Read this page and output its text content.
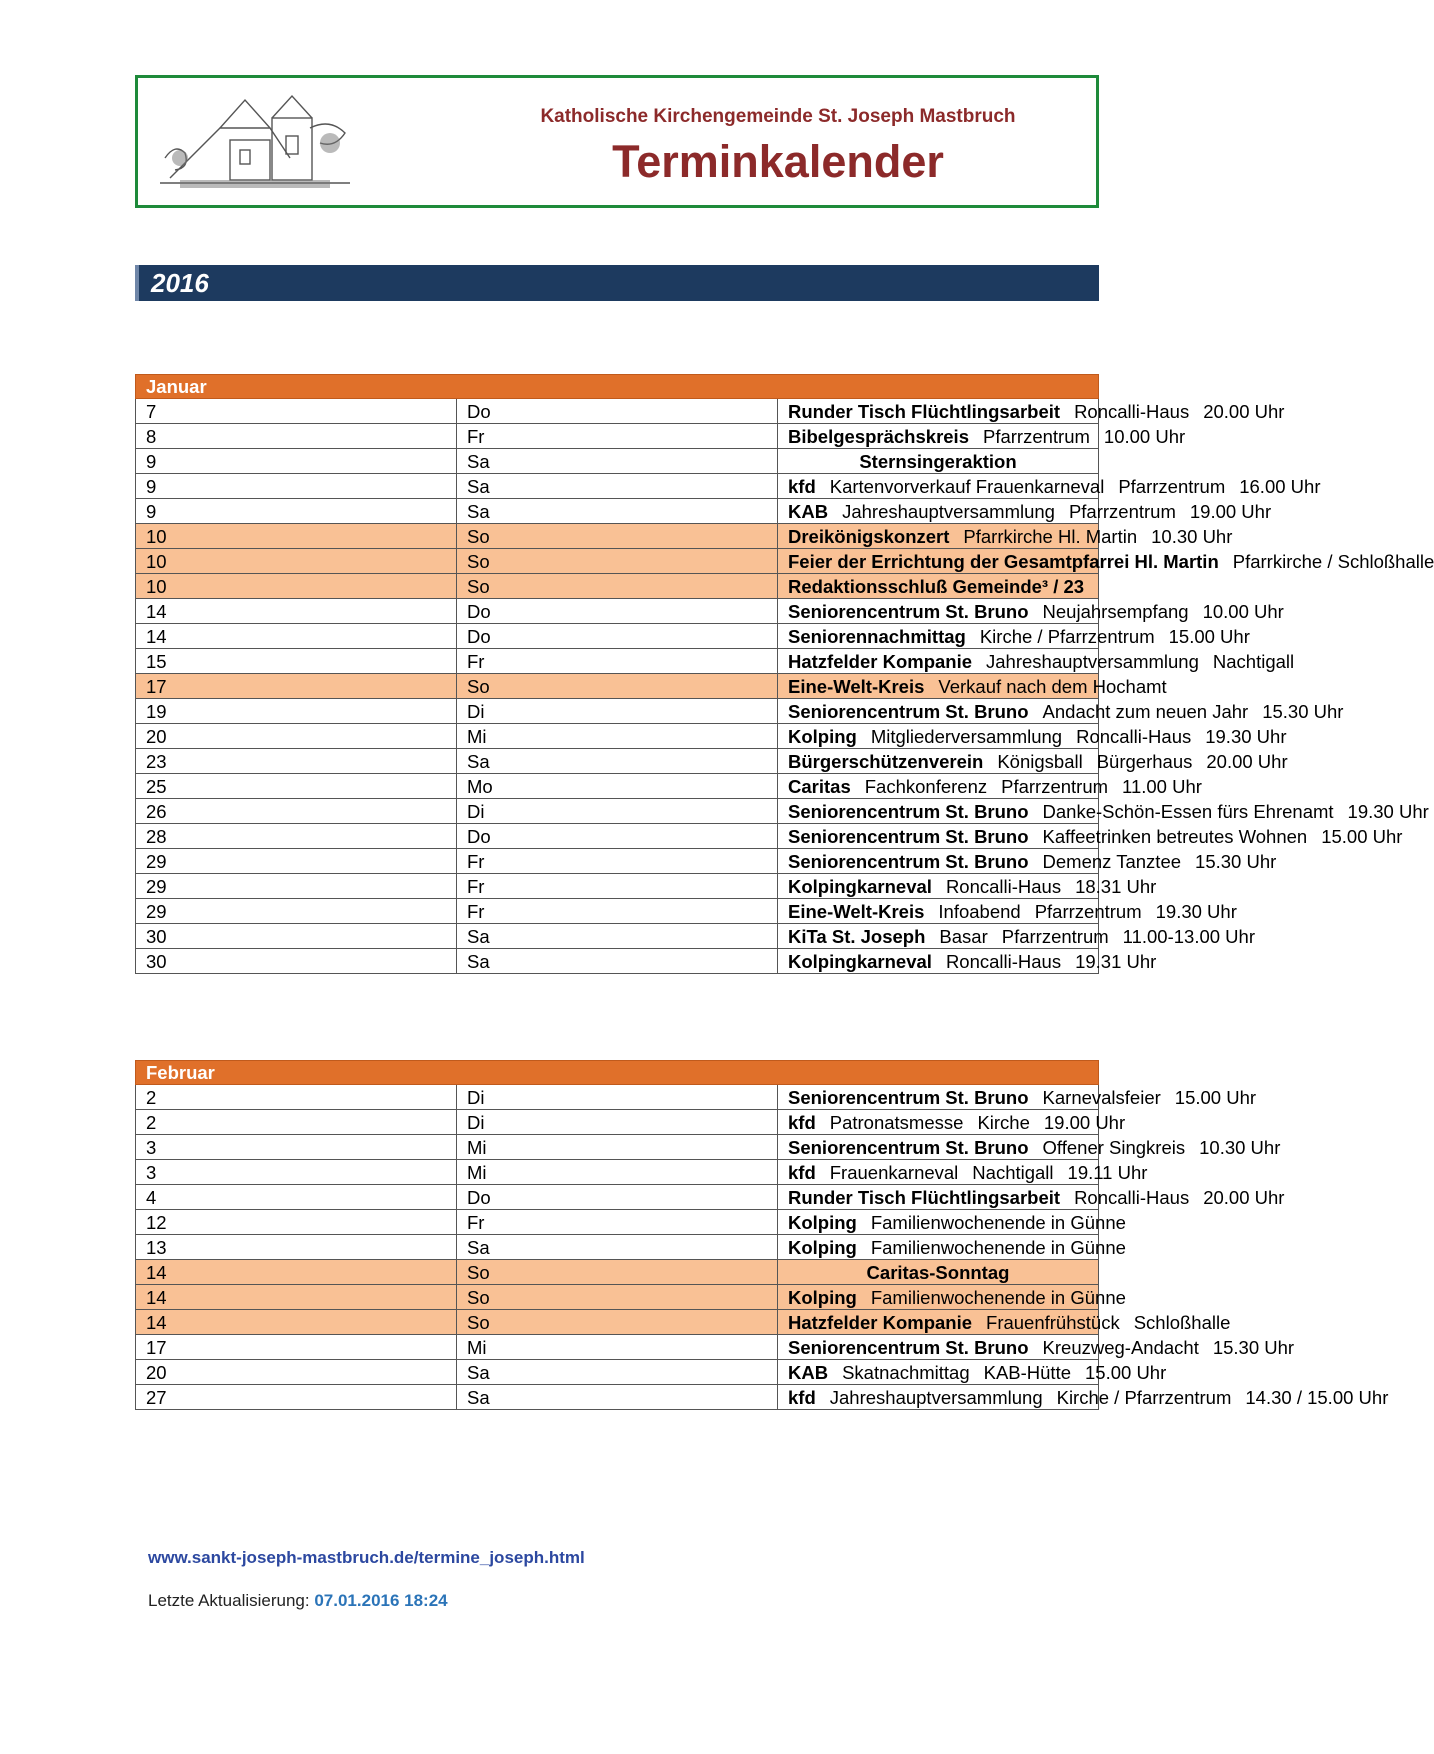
Katholische Kirchengemeinde St. Joseph Mastbruch
Terminkalender
2016
Januar		
7	Do	Runder Tisch Flüchtlingsarbeit Roncalli-Haus 20.00 Uhr
8	Fr	Bibelgesprächskreis Pfarrzentrum 10.00 Uhr
9	Sa	Sternsingeraktion
9	Sa	kfd Kartenvorverkauf Frauenkarneval Pfarrzentrum 16.00 Uhr
9	Sa	KAB Jahreshauptversammlung Pfarrzentrum 19.00 Uhr
10	So	Dreikönigskonzert Pfarrkirche Hl. Martin 10.30 Uhr
10	So	Feier der Errichtung der Gesamtpfarrei Hl. Martin Pfarrkirche / Schloßhalle
10	So	Redaktionsschluß Gemeinde³ / 23
14	Do	Seniorencentrum St. Bruno Neujahrsempfang 10.00 Uhr
14	Do	Seniorennachmittag Kirche / Pfarrzentrum 15.00 Uhr
15	Fr	Hatzfelder Kompanie Jahreshauptversammlung Nachtigall
17	So	Eine-Welt-Kreis Verkauf nach dem Hochamt
19	Di	Seniorencentrum St. Bruno Andacht zum neuen Jahr 15.30 Uhr
20	Mi	Kolping Mitgliederversammlung Roncalli-Haus 19.30 Uhr
23	Sa	Bürgerschützenverein Königsball Bürgerhaus 20.00 Uhr
25	Mo	Caritas Fachkonferenz Pfarrzentrum 11.00 Uhr
26	Di	Seniorencentrum St. Bruno Danke-Schön-Essen fürs Ehrenamt 19.30 Uhr
28	Do	Seniorencentrum St. Bruno Kaffeetrinken betreutes Wohnen 15.00 Uhr
29	Fr	Seniorencentrum St. Bruno Demenz Tanztee 15.30 Uhr
29	Fr	Kolpingkarneval Roncalli-Haus 18.31 Uhr
29	Fr	Eine-Welt-Kreis Infoabend Pfarrzentrum 19.30 Uhr
30	Sa	KiTa St. Joseph Basar Pfarrzentrum 11.00-13.00 Uhr
30	Sa	Kolpingkarneval Roncalli-Haus 19.31 Uhr
Februar		
2	Di	Seniorencentrum St. Bruno Karnevalsfeier 15.00 Uhr
2	Di	kfd Patronatsmesse Kirche 19.00 Uhr
3	Mi	Seniorencentrum St. Bruno Offener Singkreis 10.30 Uhr
3	Mi	kfd Frauenkarneval Nachtigall 19.11 Uhr
4	Do	Runder Tisch Flüchtlingsarbeit Roncalli-Haus 20.00 Uhr
12	Fr	Kolping Familienwochenende in Günne
13	Sa	Kolping Familienwochenende in Günne
14	So	Caritas-Sonntag
14	So	Kolping Familienwochenende in Günne
14	So	Hatzfelder Kompanie Frauenfrühstück Schloßhalle
17	Mi	Seniorencentrum St. Bruno Kreuzweg-Andacht 15.30 Uhr
20	Sa	KAB Skatnachmittag KAB-Hütte 15.00 Uhr
27	Sa	kfd Jahreshauptversammlung Kirche / Pfarrzentrum 14.30 / 15.00 Uhr
www.sankt-joseph-mastbruch.de/termine_joseph.html
Letzte Aktualisierung: 07.01.2016 18:24
